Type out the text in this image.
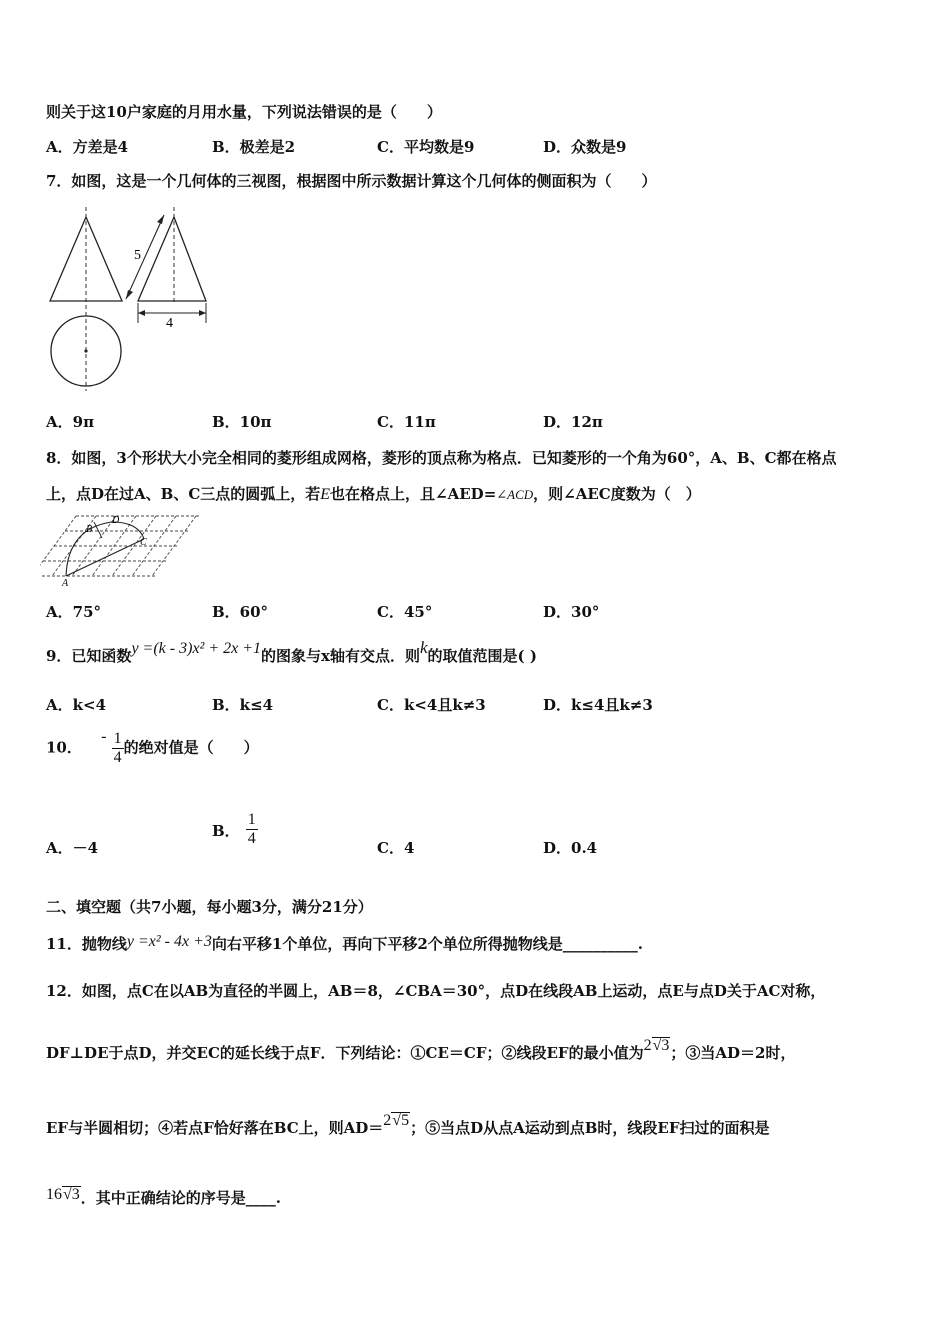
则关于这10户家庭的月用水量，下列说法错误的是（　　）
A．方差是4	B．极差是2	C．平均数是9	D．众数是9
7．如图，这是一个几何体的三视图，根据图中所示数据计算这个几何体的侧面积为（　　）
5
4
A．9π	B．10π	C．11π	D．12π
8．如图，3个形状大小完全相同的菱形组成网格，菱形的顶点称为格点．已知菱形的一个角为60°，A、B、C都在格点
上，点D在过A、B、C三点的圆弧上，若E也在格点上，且∠AED=∠ACD，则∠AEC度数为（　）
B
D
C
A
A．75°	B．60°	C．45°	D．30°
9．已知函数y =(k - 3)x² + 2x +1的图象与x轴有交点．则k的取值范围是( )
A．k<4	B．k≤4	C．k<4且k≠3	D．k≤4且k≠3
10． - $\frac{1}{4}$ 的绝对值是（　　）
A．－4
B． $\frac{1}{4}$	C．4	D．0.4
二、填空题（共7小题，每小题3分，满分21分）
11．抛物线y =x² - 4x +3向右平移1个单位，再向下平移2个单位所得抛物线是__________.
12．如图，点C在以AB为直径的半圆上，AB＝8，∠CBA＝30°，点D在线段AB上运动，点E与点D关于AC对称，
DF⊥DE于点D，并交EC的延长线于点F．下列结论：①CE＝CF；②线段EF的最小值为2√3；③当AD＝2时，
EF与半圆相切；④若点F恰好落在BC上，则AD＝2√5；⑤当点D从点A运动到点B时，线段EF扫过的面积是
16√3．其中正确结论的序号是____.
